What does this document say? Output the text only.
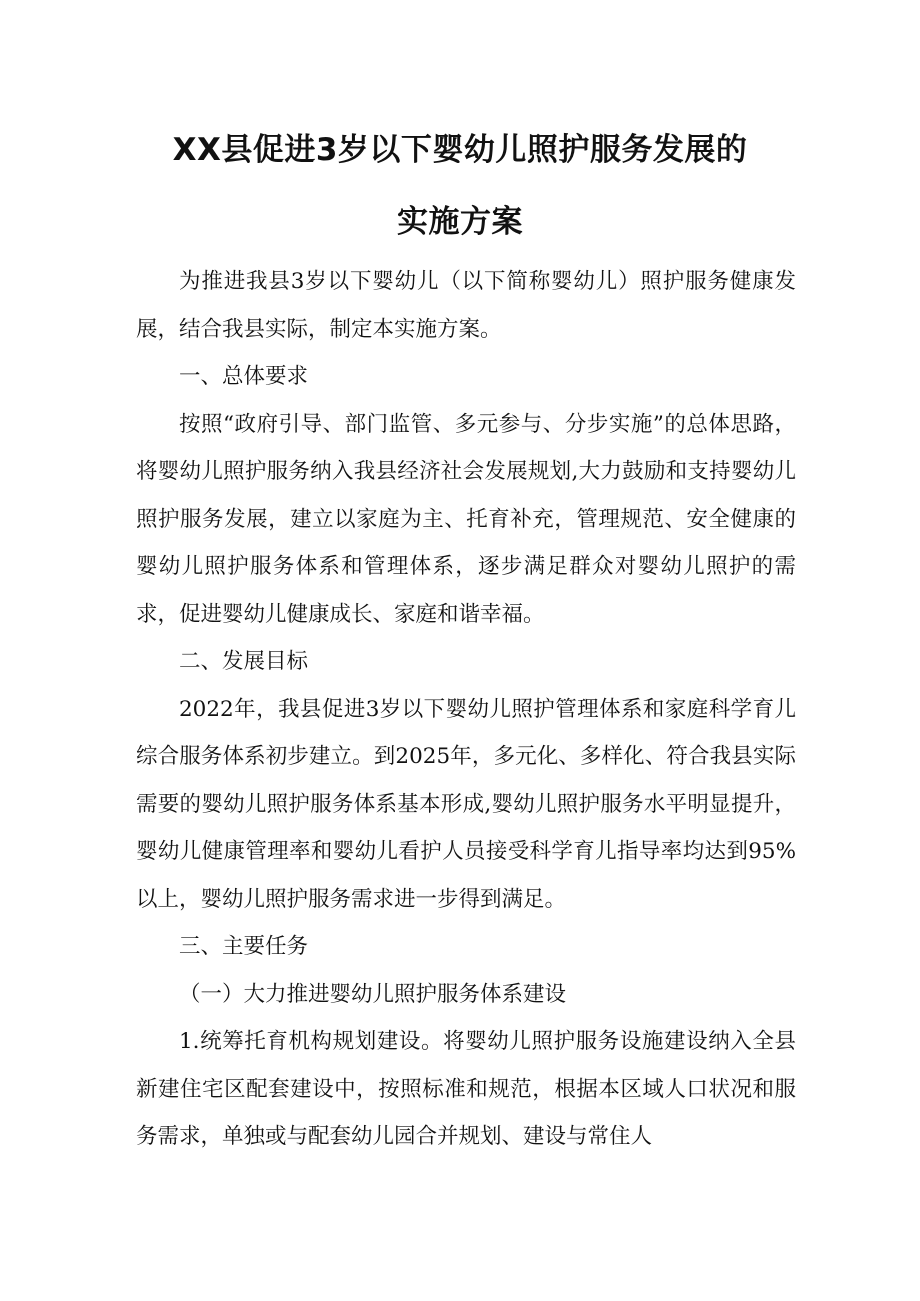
XX县促进3岁以下婴幼儿照护服务发展的
实施方案

为推进我县3岁以下婴幼儿（以下简称婴幼儿）照护服务健康发展，结合我县实际，制定本实施方案。

一、总体要求

按照“政府引导、部门监管、多元参与、分步实施”的总体思路，将婴幼儿照护服务纳入我县经济社会发展规划,大力鼓励和支持婴幼儿照护服务发展，建立以家庭为主、托育补充，管理规范、安全健康的婴幼儿照护服务体系和管理体系，逐步满足群众对婴幼儿照护的需求，促进婴幼儿健康成长、家庭和谐幸福。

二、发展目标

2022年，我县促进3岁以下婴幼儿照护管理体系和家庭科学育儿综合服务体系初步建立。到2025年，多元化、多样化、符合我县实际需要的婴幼儿照护服务体系基本形成,婴幼儿照护服务水平明显提升，婴幼儿健康管理率和婴幼儿看护人员接受科学育儿指导率均达到95%以上，婴幼儿照护服务需求进一步得到满足。

三、主要任务

（一）大力推进婴幼儿照护服务体系建设

1.统筹托育机构规划建设。将婴幼儿照护服务设施建设纳入全县新建住宅区配套建设中，按照标准和规范，根据本区域人口状况和服务需求，单独或与配套幼儿园合并规划、建设与常住人
